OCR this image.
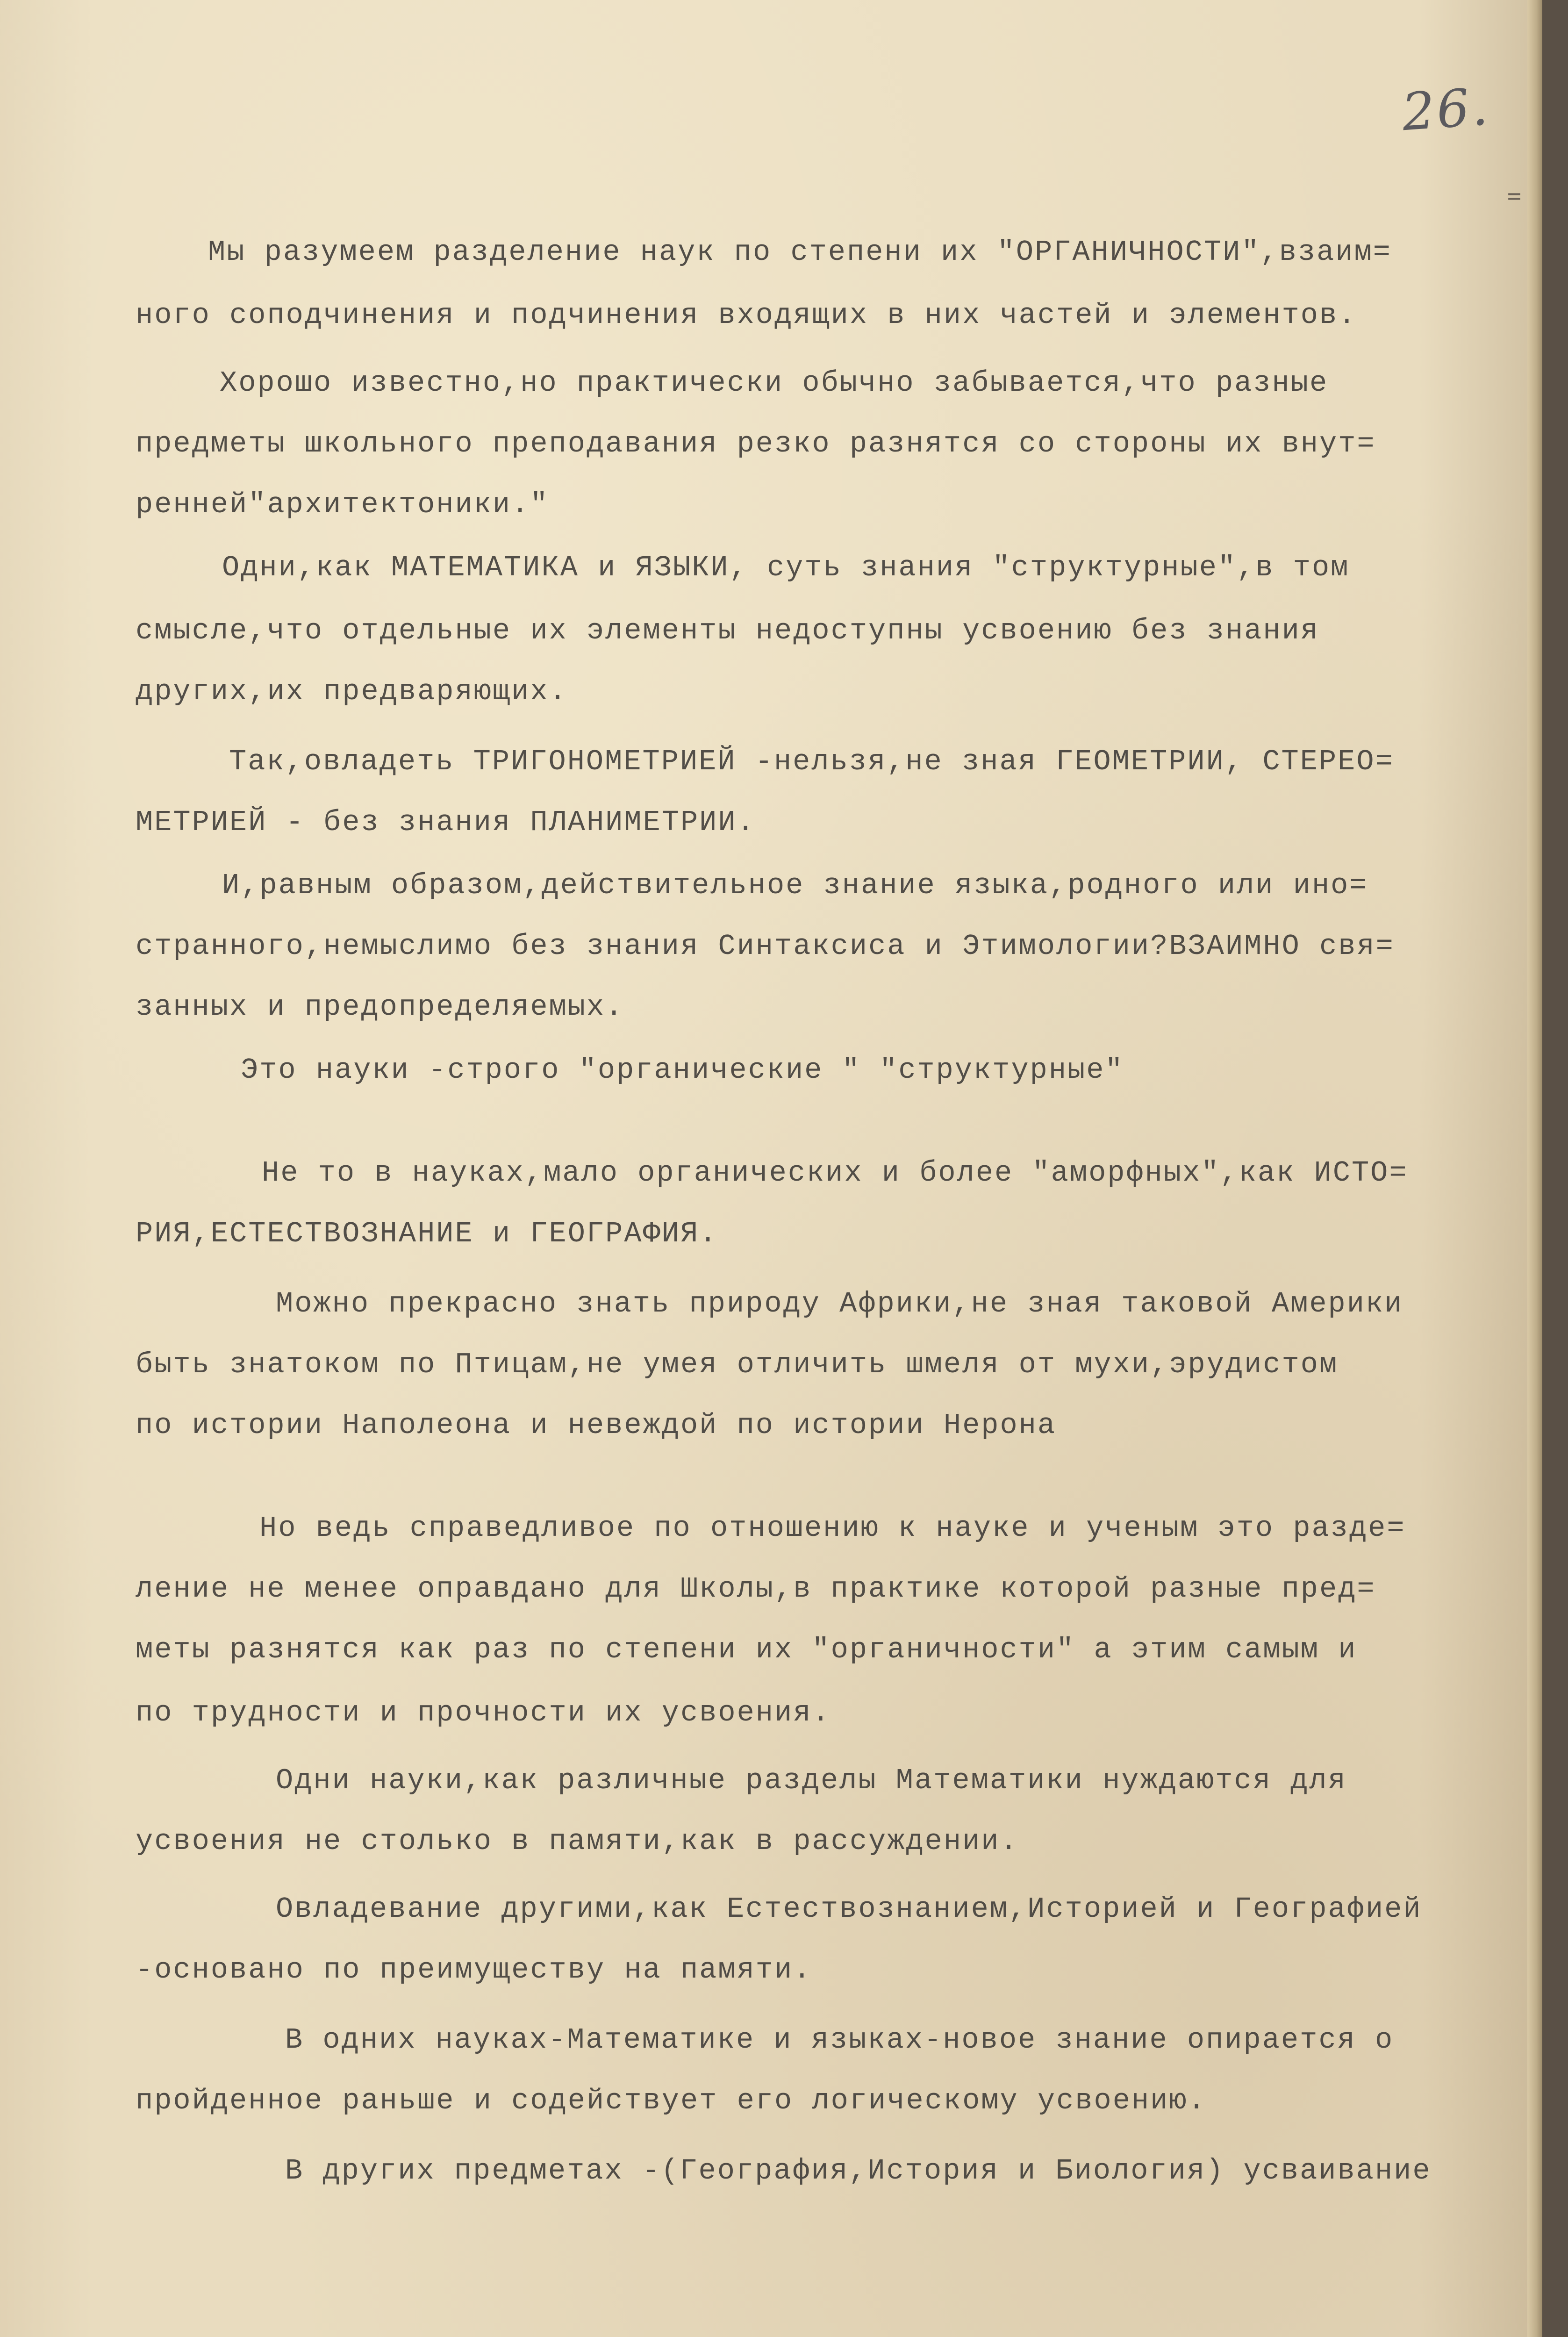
26.
=

Мы разумеем разделение наук по степени их "ОРГАНИЧНОСТИ",взаим=

ного соподчинения и подчинения входящих в них частей и элементов.

Хорошо известно,но практически обычно забывается,что разные

предметы школьного преподавания резко разнятся со стороны их внут=

ренней"архитектоники."

Одни,как МАТЕМАТИКА и ЯЗЫКИ, суть знания "структурные",в том

смысле,что отдельные их элементы недоступны усвоению без знания

других,их предваряющих.

Так,овладеть ТРИГОНОМЕТРИЕЙ -нельзя,не зная ГЕОМЕТРИИ, СТЕРЕО=

МЕТРИЕЙ - без знания ПЛАНИМЕТРИИ.

И,равным образом,действительное знание языка,родного или ино=

странного,немыслимо без знания Синтаксиса и Этимологии?ВЗАИМНО свя=

занных и предопределяемых.

Это науки -строго "органические " "структурные"

Не то в науках,мало органических и более "аморфных",как ИСТО=

РИЯ,ЕСТЕСТВОЗНАНИЕ и ГЕОГРАФИЯ.

Можно прекрасно знать природу Африки,не зная таковой Америки

быть знатоком по Птицам,не умея отличить шмеля от мухи,эрудистом

по истории Наполеона и невеждой по истории Нерона

Но ведь справедливое по отношению к науке и ученым это разде=

ление не менее оправдано для Школы,в практике которой разные пред=

меты разнятся как раз по степени их "органичности" а этим самым и

по трудности и прочности их усвоения.

Одни науки,как различные разделы Математики нуждаются для

усвоения не столько в памяти,как в рассуждении.

Овладевание другими,как Естествознанием,Историей и Географией

-основано по преимуществу на памяти.

В одних науках-Математике и языках-новое знание опирается о

пройденное раньше и содействует его логическому усвоению.

В других предметах -(География,История и Биология) усваивание
